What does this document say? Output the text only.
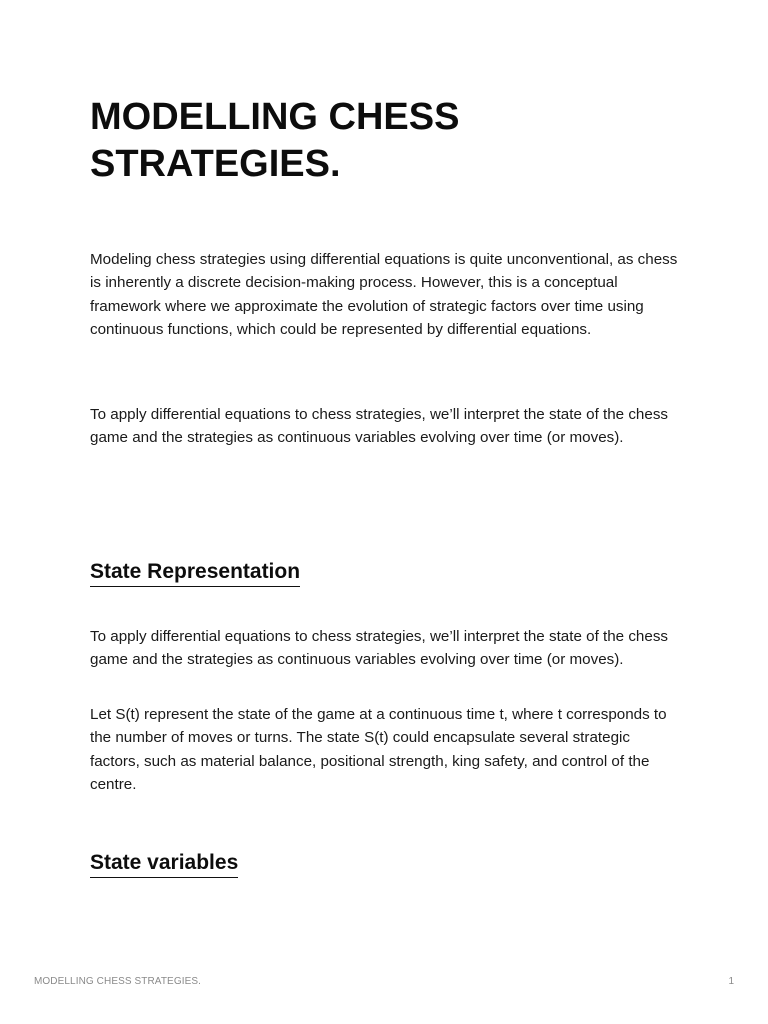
MODELLING CHESS
STRATEGIES.

Modeling chess strategies using differential equations is quite unconventional, as chess is inherently a discrete decision-making process. However, this is a conceptual framework where we approximate the evolution of strategic factors over time using continuous functions, which could be represented by differential equations.

To apply differential equations to chess strategies, we’ll interpret the state of the chess game and the strategies as continuous variables evolving over time (or moves).

State Representation

To apply differential equations to chess strategies, we’ll interpret the state of the chess game and the strategies as continuous variables evolving over time (or moves).

Let S(t) represent the state of the game at a continuous time t, where t corresponds to the number of moves or turns. The state S(t) could encapsulate several strategic factors, such as material balance, positional strength, king safety, and control of the centre.

State variables
MODELLING CHESS STRATEGIES.	1
